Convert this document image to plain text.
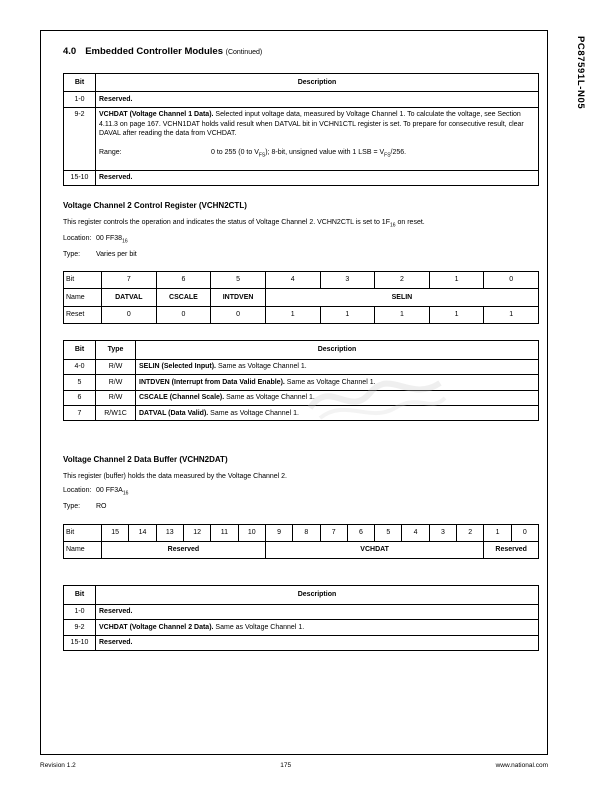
4.0 Embedded Controller Modules (Continued)
Bit	Description
1-0	Reserved.
9-2	VCHDAT (Voltage Channel 1 Data). Selected input voltage data, measured by Voltage Channel 1. To calculate the voltage, see Section 4.11.3 on page 167. VCHN1DAT holds valid result when DATVAL bit in VCHN1CTL register is set. To prepare for consecutive result, clear DAVAL after reading the data from VCHDAT.
Range: 0 to 255 (0 to $V_{FS}$); 8-bit, unsigned value with 1 LSB = $V_{FS}/256$.

15-10	Reserved.
Voltage Channel 2 Control Register (VCHN2CTL)

This register controls the operation and indicates the status of Voltage Channel 2. VCHN2CTL is set to $1F_{16}$ on reset.

Location: 00 $FF38_{16}$

Type: Varies per bit

Bit	7	6	5	4	3	2	1	0
Name	DATVAL	CSCALE	INTDVEN	SELIN				
Reset	0	0	0	1	1	1	1	1
Bit	Type	Description
4-0	R/W	SELIN (Selected Input). Same as Voltage Channel 1.
5	R/W	INTDVEN (Interrupt from Data Valid Enable). Same as Voltage Channel 1.
6	R/W	CSCALE (Channel Scale). Same as Voltage Channel 1.
7	R/W1C	DATVAL (Data Valid). Same as Voltage Channel 1.
Voltage Channel 2 Data Buffer (VCHN2DAT)

This register (buffer) holds the data measured by the Voltage Channel 2.

Location: 00 $FF3A_{16}$

Type: RO

Bit	15	14	13	12	11	10	9	8	7	6	5	4	3	2	1	0
Name	Reserved						VCHDAT								Reserved	
Bit	Description
1-0	Reserved.
9-2	VCHDAT (Voltage Channel 2 Data). Same as Voltage Channel 1.
15-10	Reserved.
PC87591L-N05
Revision 1.2	175	www.national.com
